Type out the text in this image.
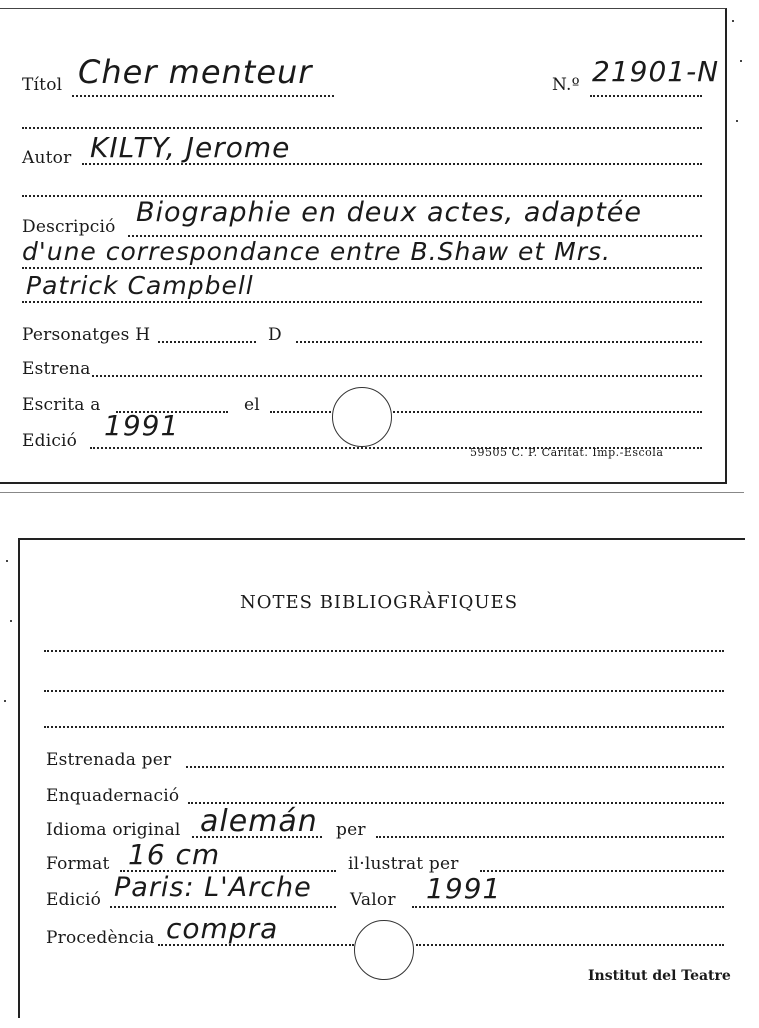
Títol Cher menteur	N.º 21901-N
Autor KILTY, Jerome
Descripció Biographie en deux actes, adaptée
d'une correspondance entre B.Shaw et Mrs.
Patrick Campbell
Personatges H	D
Estrena
Escrita a	el
Edició 1991
59505 C. P. Caritat. Imp.-Escola
NOTES BIBLIOGRÀFIQUES
Estrenada per
Enquadernació
Idioma original alemán per
Format 16 cm	il·lustrat per
Edició Paris: L'Arche Valor 1991
Procedència compra
Institut del Teatre
